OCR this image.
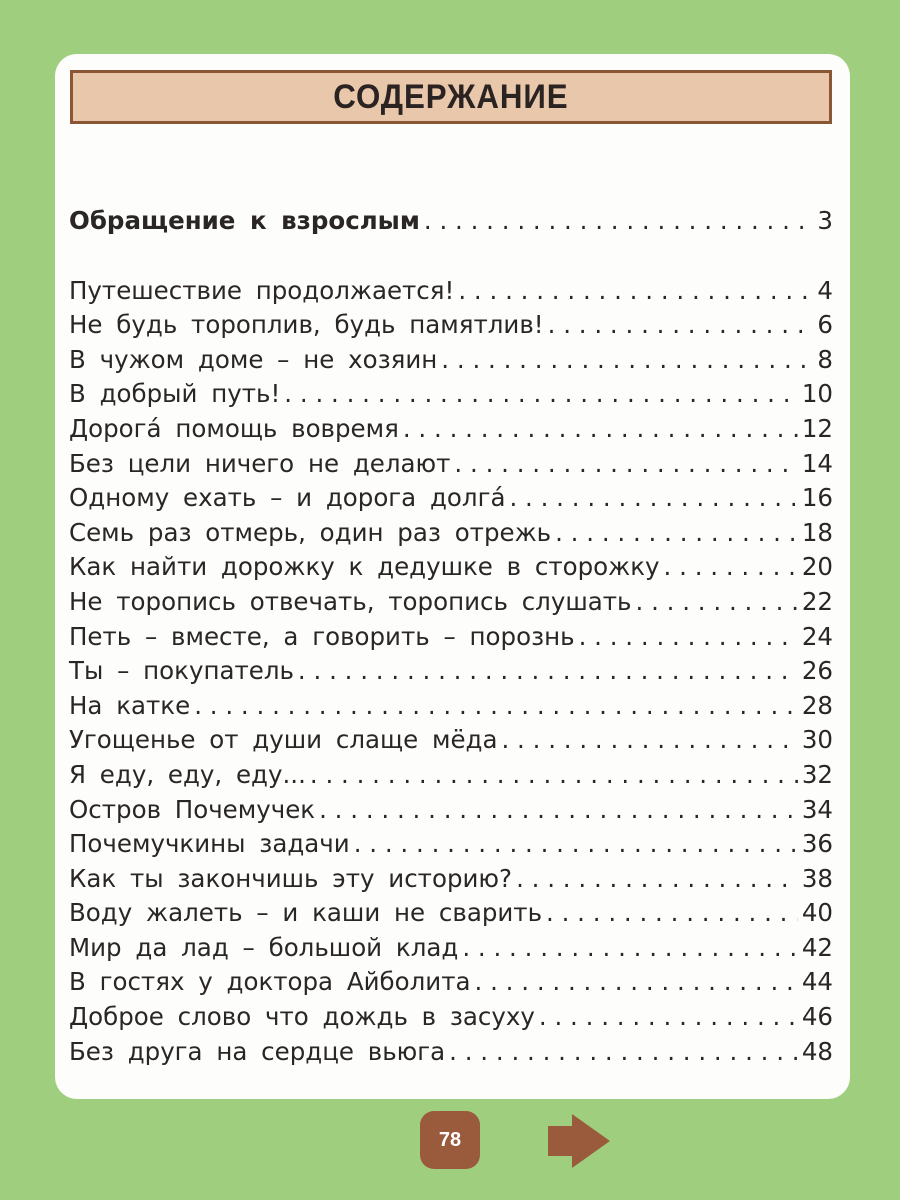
СОДЕРЖАНИЕ
Обращение к взрослым . . .	3
Путешествие продолжается! . . .	4
Не будь тороплив, будь памятлив! . . .	6
В чужом доме – не хозяин . . .	8
В добрый путь! . . .	10
Дорога́ помощь вовремя . . .	12
Без цели ничего не делают . . .	14
Одному ехать – и дорога долга́ . . .	16
Семь раз отмерь, один раз отрежь . . .	18
Как найти дорожку к дедушке в сторожку . . .	20
Не торопись отвечать, торопись слушать . . .	22
Петь – вместе, а говорить – порознь . . .	24
Ты – покупатель . . .	26
На катке . . .	28
Угощенье от души слаще мёда . . .	30
Я еду, еду, еду... . . .	32
Остров Почемучек . . .	34
Почемучкины задачи . . .	36
Как ты закончишь эту историю? . . .	38
Воду жалеть – и каши не сварить . . .	40
Мир да лад – большой клад . . .	42
В гостях у доктора Айболита . . .	44
Доброе слово что дождь в засуху . . .	46
Без друга на сердце вьюга . . .	48
78
